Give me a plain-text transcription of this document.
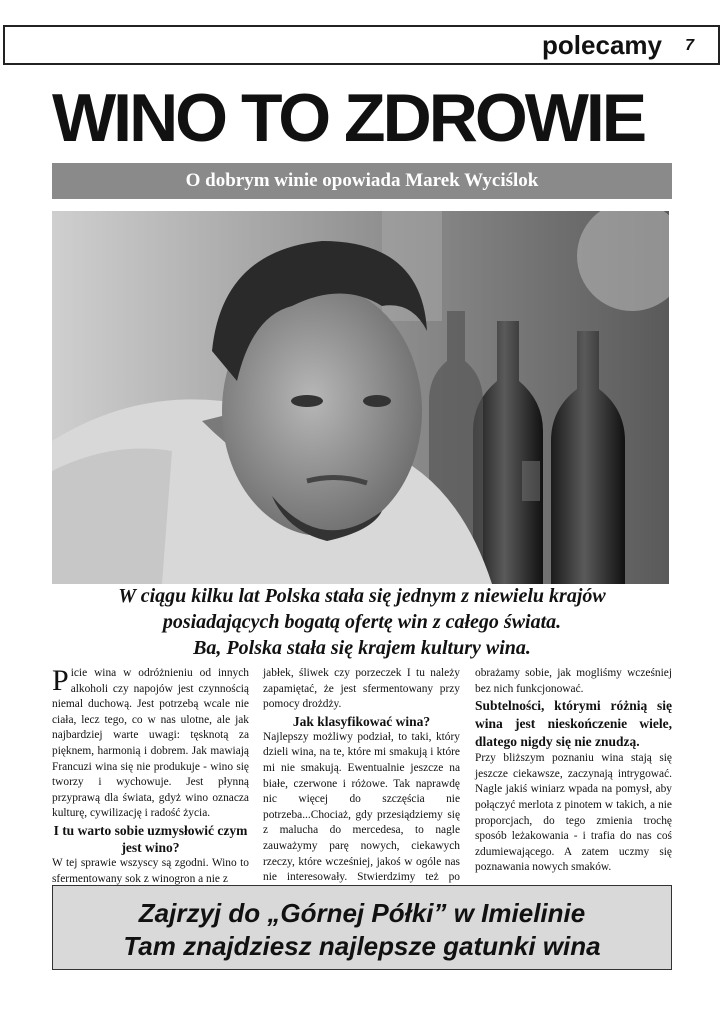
polecamy 7
WINO TO ZDROWIE
O dobrym winie opowiada Marek Wyciślok
W ciągu kilku lat Polska stała się jednym z niewielu krajów
posiadających bogatą ofertę win z całego świata.
Ba, Polska stała się krajem kultury wina.

Picie wina w odróżnieniu od innych alkoholi czy napojów jest czynnością niemal duchową. Jest potrzebą wcale nie ciała, lecz tego, co w nas ulotne, ale jak najbardziej warte uwagi: tęsknotą za pięknem, harmonią i dobrem. Jak mawiają Francuzi wina się nie produkuje - wino się tworzy i wychowuje. Jest płynną przyprawą dla świata, gdyż wino oznacza kulturę, cywilizację i radość życia.

I tu warto sobie uzmysłowić czym jest wino?

W tej sprawie wszyscy są zgodni. Wino to sfermentowany sok z winogron a nie z

jabłek, śliwek czy porzeczek I tu należy zapamiętać, że jest sfermentowany przy pomocy drożdży.

Jak klasyfikować wina?

Najlepszy możliwy podział, to taki, który dzieli wina, na te, które mi smakują i które mi nie smakują. Ewentualnie jeszcze na białe, czerwone i różowe. Tak naprawdę nic więcej do szczęścia nie potrzeba...Chociaż, gdy przesiądziemy się z malucha do mercedesa, to nagle zauważymy parę nowych, ciekawych rzeczy, które wcześniej, jakoś w ogóle nas nie interesowały. Stwierdzimy też po

obrażamy sobie, jak mogliśmy wcześniej bez nich funkcjonować.

Subtelności, którymi różnią się wina jest nieskończenie wiele, dlatego nigdy się nie znudzą.

Przy bliższym poznaniu wina stają się jeszcze ciekawsze, zaczynają intrygować. Nagle jakiś winiarz wpada na pomysł, aby połączyć merlota z pinotem w takich, a nie proporcjach, do tego zmienia trochę sposób leżakowania - i trafia do nas coś zdumiewającego. A zatem uczmy się poznawania nowych smaków.

Zajrzyj do „Górnej Półki” w Imielinie
Tam znajdziesz najlepsze gatunki wina
